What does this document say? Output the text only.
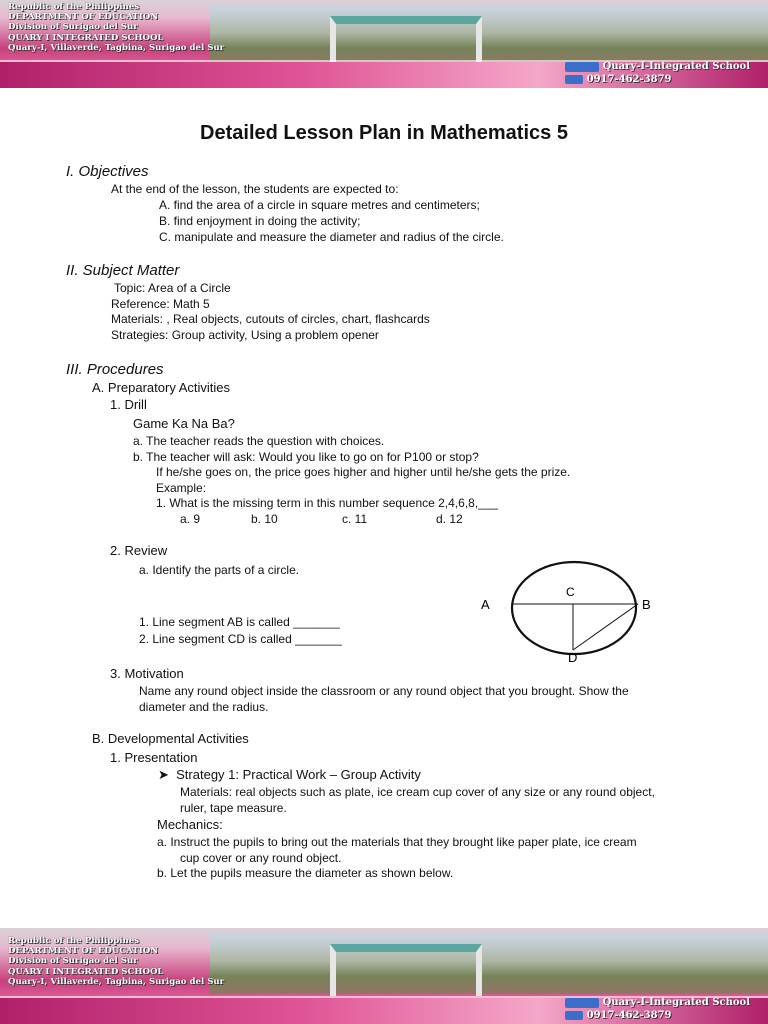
Republic of the Philippines
DEPARTMENT OF EDUCATION
Division of Surigao del Sur
QUARY I INTEGRATED SCHOOL
Quary-I, Villaverde, Tagbina, Surigao del Sur
Quary-I-Integrated School
0917-462-3879
Detailed Lesson Plan in Mathematics 5
I. Objectives
At the end of the lesson, the students are expected to:
A. find the area of a circle in square metres and centimeters;
B. find enjoyment in doing the activity;
C. manipulate and measure the diameter and radius of the circle.
II. Subject Matter
Topic: Area of a Circle
Reference: Math 5
Materials: , Real objects, cutouts of circles, chart, flashcards
Strategies: Group activity, Using a problem opener
III. Procedures
A. Preparatory Activities
1. Drill
Game Ka Na Ba?
a. The teacher reads the question with choices.
b. The teacher will ask: Would you like to go on for P100 or stop?
If he/she goes on, the price goes higher and higher until he/she gets the prize.
Example:
1. What is the missing term in this number sequence 2,4,6,8,___
a. 9	b. 10	c. 11	d. 12
2. Review
a. Identify the parts of a circle.
1. Line segment AB is called _______
2. Line segment CD is called _______
A
C
B
D
3. Motivation
Name any round object inside the classroom or any round object that you brought. Show the
diameter and the radius.
B. Developmental Activities
1. Presentation
➤ Strategy 1: Practical Work – Group Activity
Materials: real objects such as plate, ice cream cup cover of any size or any round object,
ruler, tape measure.
Mechanics:
a. Instruct the pupils to bring out the materials that they brought like paper plate, ice cream
cup cover or any round object.
b. Let the pupils measure the diameter as shown below.
Republic of the Philippines
DEPARTMENT OF EDUCATION
Division of Surigao del Sur
QUARY I INTEGRATED SCHOOL
Quary-I, Villaverde, Tagbina, Surigao del Sur
Quary-I-Integrated School
0917-462-3879
